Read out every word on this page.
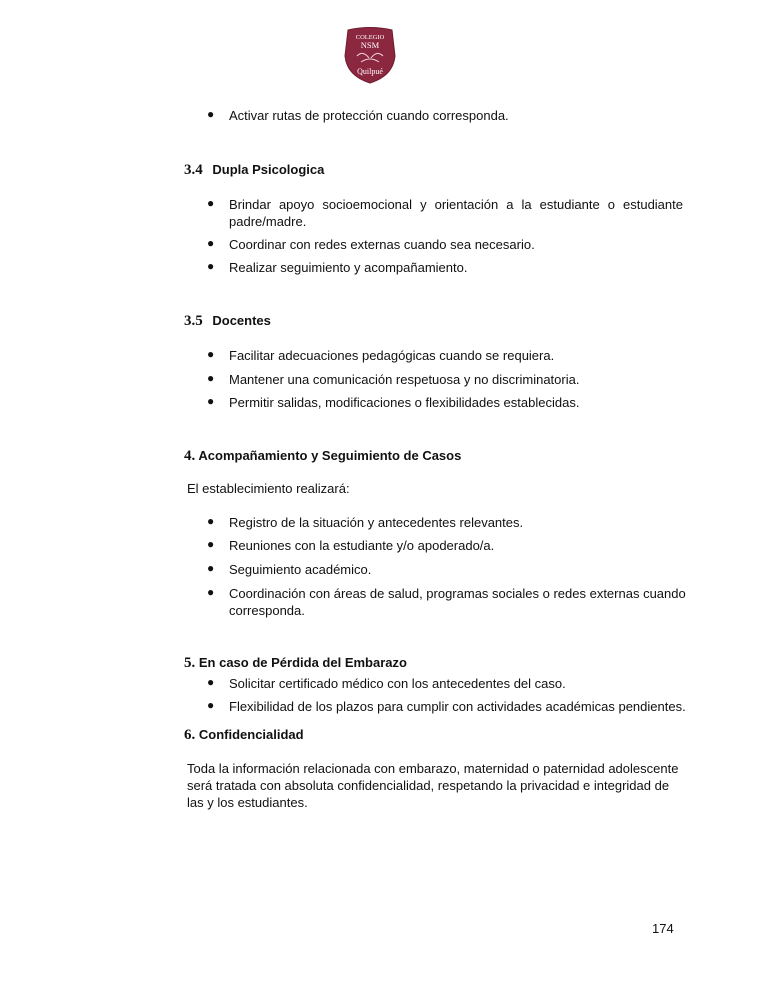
COLEGIO
NSM
Quilpué
● Activar rutas de protección cuando corresponda.
3.4 Dupla Psicologica
● Brindar apoyo socioemocional y orientación a la estudiante o estudiante padre/madre.
● Coordinar con redes externas cuando sea necesario.
● Realizar seguimiento y acompañamiento.
3.5 Docentes
● Facilitar adecuaciones pedagógicas cuando se requiera.
● Mantener una comunicación respetuosa y no discriminatoria.
● Permitir salidas, modificaciones o flexibilidades establecidas.
4. Acompañamiento y Seguimiento de Casos
El establecimiento realizará:
● Registro de la situación y antecedentes relevantes.
● Reuniones con la estudiante y/o apoderado/a.
● Seguimiento académico.
● Coordinación con áreas de salud, programas sociales o redes externas cuando corresponda.
5. En caso de Pérdida del Embarazo
● Solicitar certificado médico con los antecedentes del caso.
● Flexibilidad de los plazos para cumplir con actividades académicas pendientes.
6. Confidencialidad
Toda la información relacionada con embarazo, maternidad o paternidad adolescente será tratada con absoluta confidencialidad, respetando la privacidad e integridad de las y los estudiantes.
174
